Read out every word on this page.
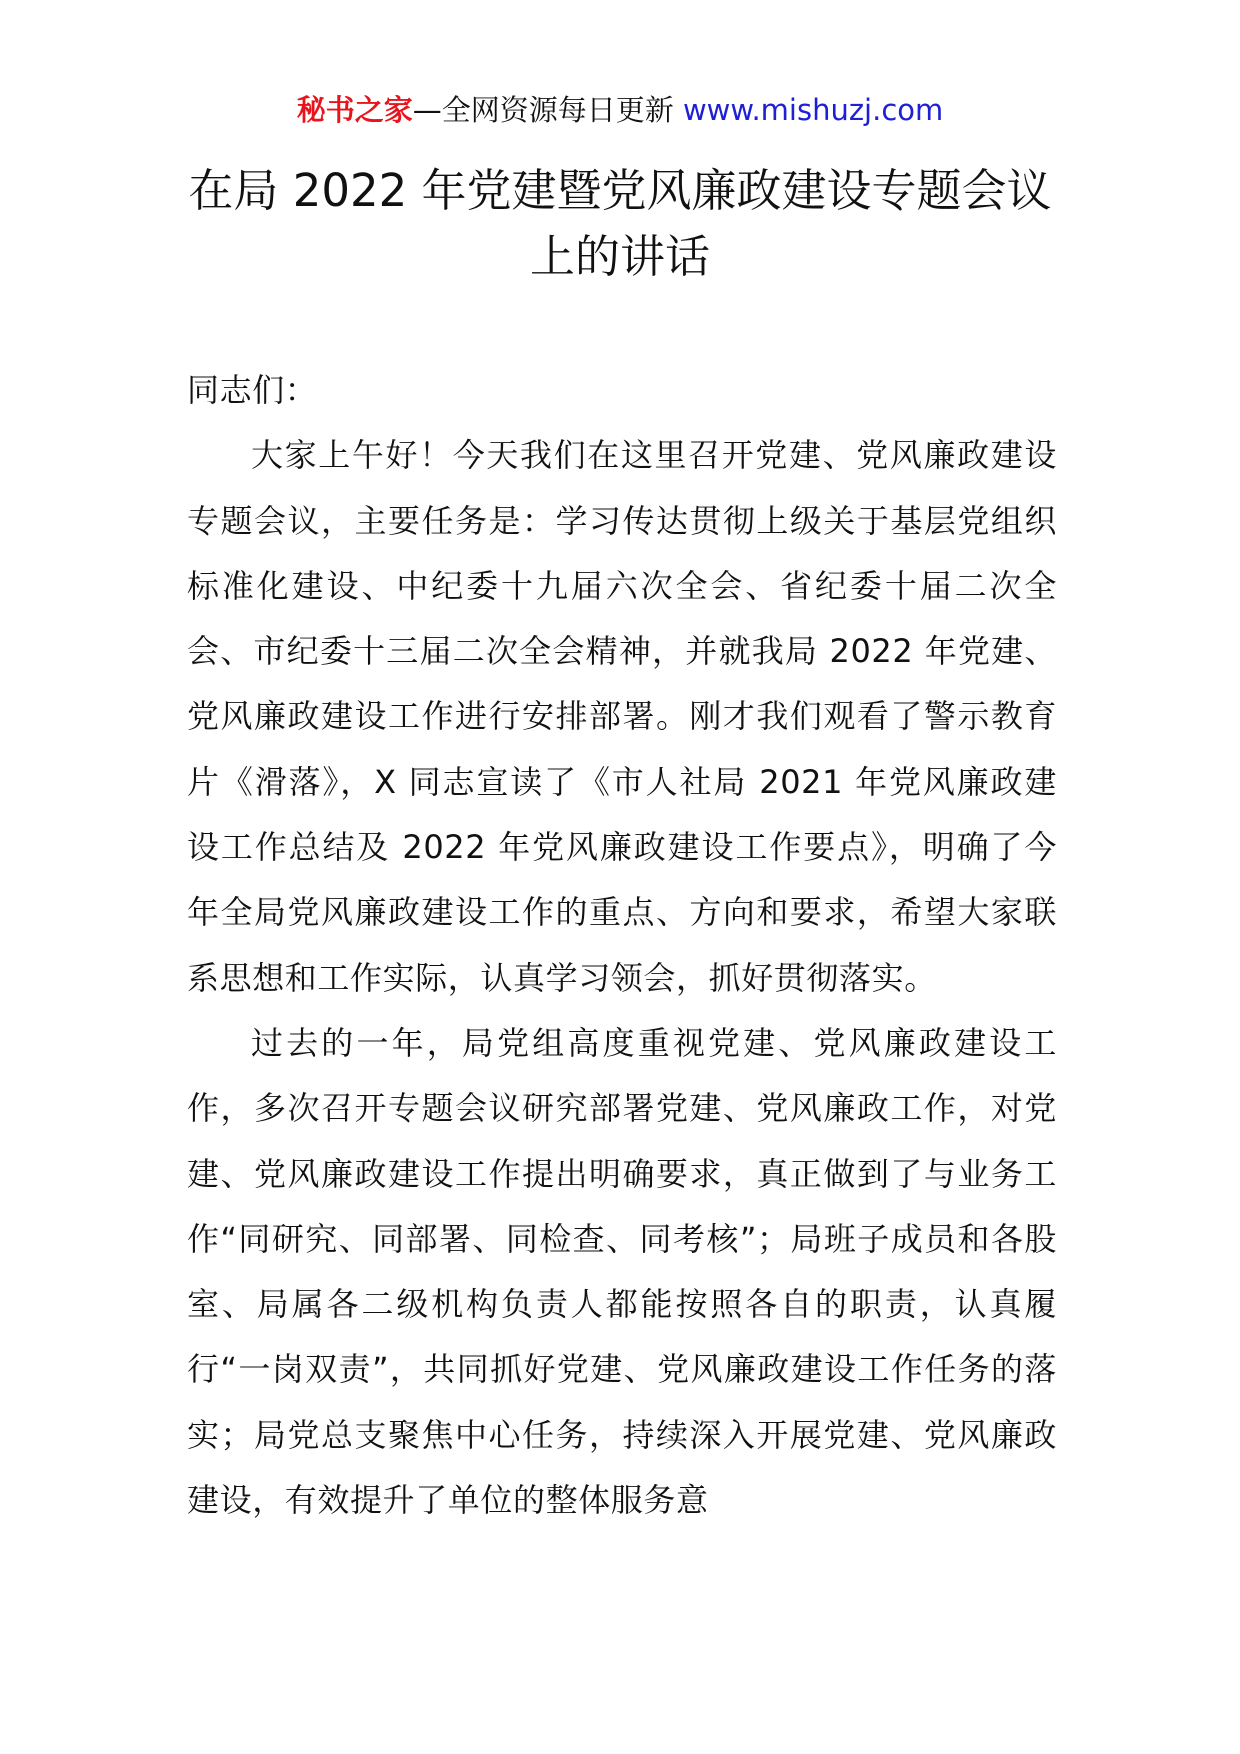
秘书之家—全网资源每日更新 www.mishuzj.com
在局 2022 年党建暨党风廉政建设专题会议
上的讲话

同志们：

大家上午好！今天我们在这里召开党建、党风廉政建设专题会议，主要任务是：学习传达贯彻上级关于基层党组织标准化建设、中纪委十九届六次全会、省纪委十届二次全会、市纪委十三届二次全会精神，并就我局 2022 年党建、党风廉政建设工作进行安排部署。刚才我们观看了警示教育片《滑落》，X 同志宣读了《市人社局 2021 年党风廉政建设工作总结及 2022 年党风廉政建设工作要点》，明确了今年全局党风廉政建设工作的重点、方向和要求，希望大家联系思想和工作实际，认真学习领会，抓好贯彻落实。

过去的一年，局党组高度重视党建、党风廉政建设工作，多次召开专题会议研究部署党建、党风廉政工作，对党建、党风廉政建设工作提出明确要求，真正做到了与业务工作“同研究、同部署、同检查、同考核”；局班子成员和各股室、局属各二级机构负责人都能按照各自的职责，认真履行“一岗双责”，共同抓好党建、党风廉政建设工作任务的落实；局党总支聚焦中心任务，持续深入开展党建、党风廉政建设，有效提升了单位的整体服务意
